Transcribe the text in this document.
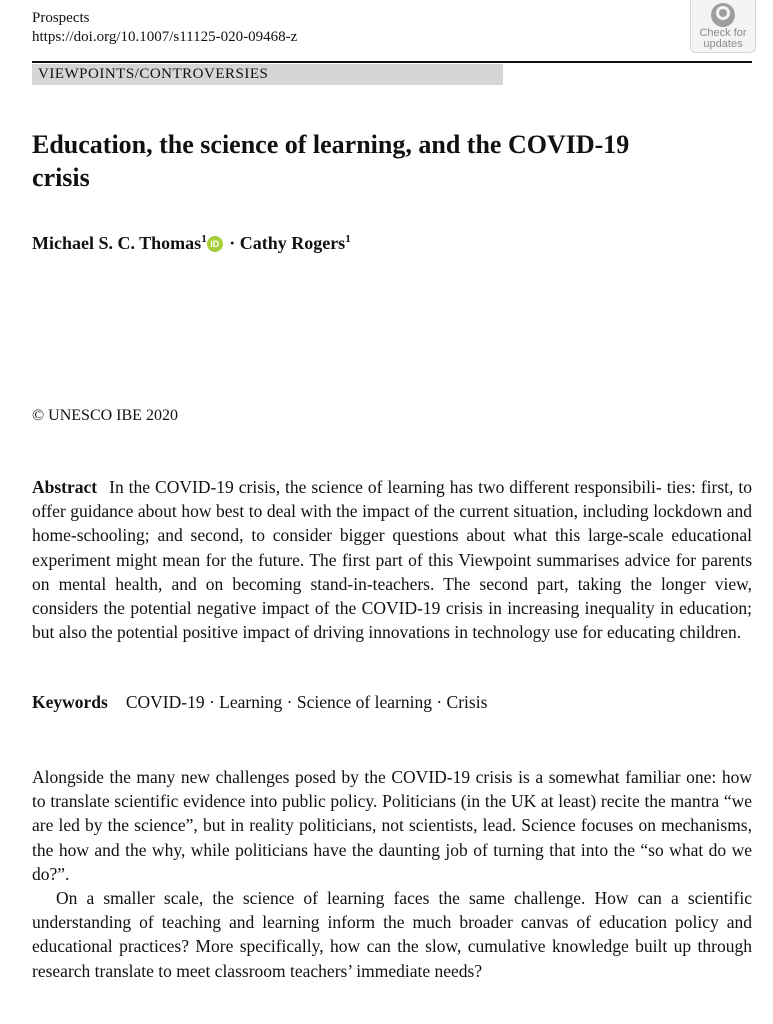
Prospects
https://doi.org/10.1007/s11125-020-09468-z	Check for
updates
VIEWPOINTS/CONTROVERSIES
Education, the science of learning, and the COVID-19
crisis
Michael S. C. Thomas$^1$ iD · Cathy Rogers$^1$
© UNESCO IBE 2020

Abstract In the COVID-19 crisis, the science of learning has two different responsibili- ties: first, to offer guidance about how best to deal with the impact of the current situation, including lockdown and home-schooling; and second, to consider bigger questions about what this large-scale educational experiment might mean for the future. The first part of this Viewpoint summarises advice for parents on mental health, and on becoming stand-in-teachers. The second part, taking the longer view, considers the potential negative impact of the COVID-19 crisis in increasing inequality in education; but also the potential positive impact of driving innovations in technology use for educating children.

Keywords COVID-19 · Learning · Science of learning · Crisis

Alongside the many new challenges posed by the COVID-19 crisis is a somewhat familiar one: how to translate scientific evidence into public policy. Politicians (in the UK at least) recite the mantra “we are led by the science”, but in reality politicians, not scientists, lead. Science focuses on mechanisms, the how and the why, while politicians have the daunting job of turning that into the “so what do we do?”.

On a smaller scale, the science of learning faces the same challenge. How can a scientific understanding of teaching and learning inform the much broader canvas of education policy and educational practices? More specifically, how can the slow, cumulative knowledge built up through research translate to meet classroom teachers’ immediate needs?
